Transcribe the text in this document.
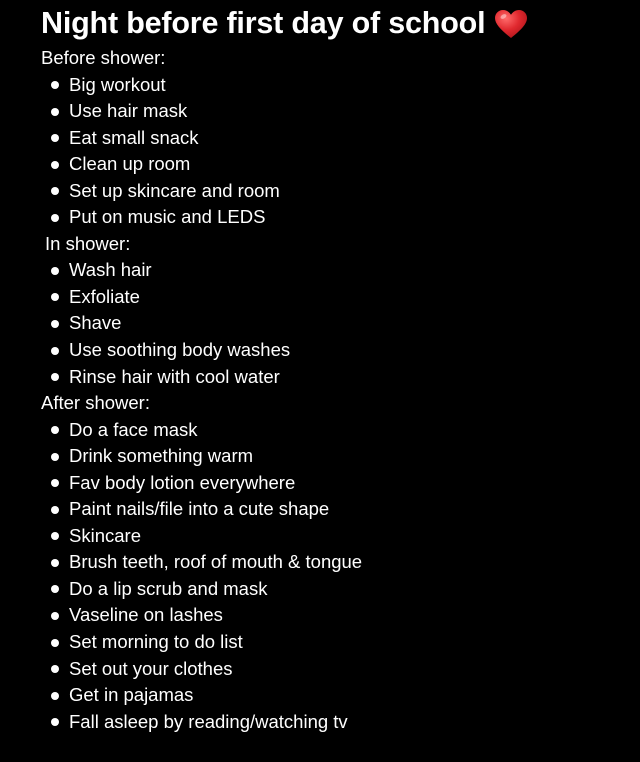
Night before first day of school
Before shower:
Big workout
Use hair mask
Eat small snack
Clean up room
Set up skincare and room
Put on music and LEDS
In shower:
Wash hair
Exfoliate
Shave
Use soothing body washes
Rinse hair with cool water
After shower:
Do a face mask
Drink something warm
Fav body lotion everywhere
Paint nails/file into a cute shape
Skincare
Brush teeth, roof of mouth & tongue
Do a lip scrub and mask
Vaseline on lashes
Set morning to do list
Set out your clothes
Get in pajamas
Fall asleep by reading/watching tv
